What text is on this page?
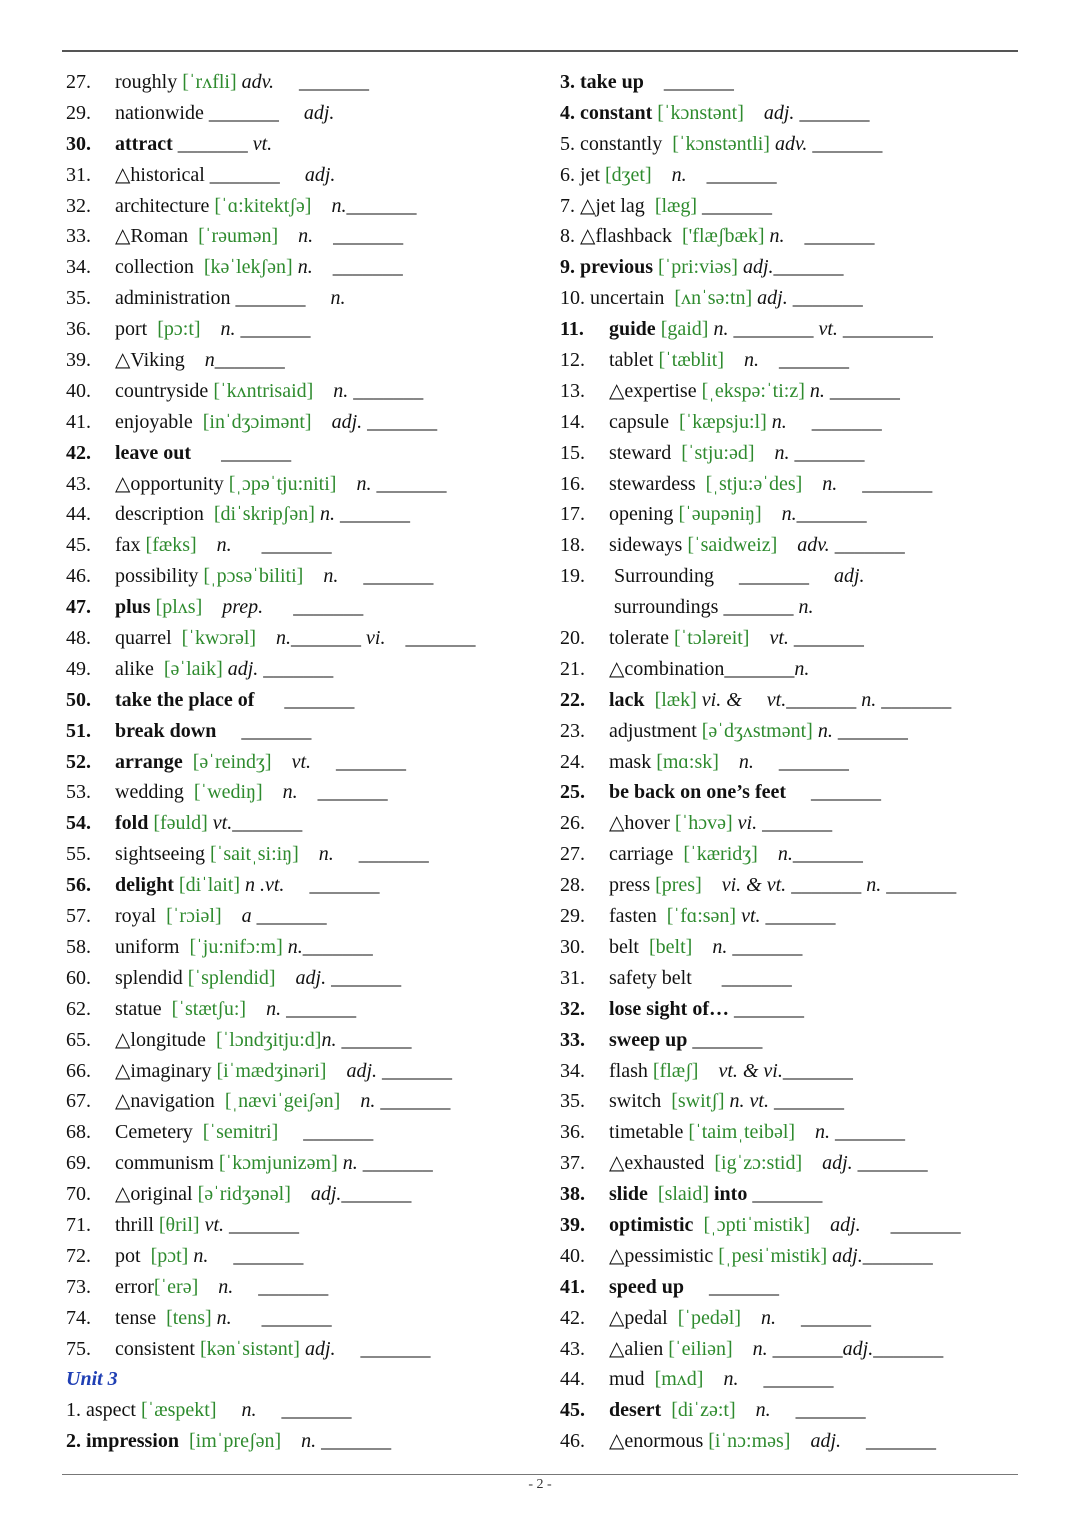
27. roughly [ˈrʌfli] adv.     _______
29. nationwide _______     adj.
30. attract _______ vt.
31. △historical _______     adj.
32. architecture [ˈɑ:kitektʃə] n._______
33. △Roman  [ˈrəumən] n.    _______
34. collection  [kəˈlekʃən] n.    _______
35. administration _______     n.
36. port  [pɔ:t] n. _______
39. △Viking    n_______
40. countryside [ˈkʌntrisaid] n. _______
41. enjoyable  [inˈdʒɔimənt] adj. _______
42. leave out      _______
43. △opportunity [ˌɔpəˈtju:niti] n. _______
44. description  [diˈskripʃən] n. _______
45. fax [fæks] n.      _______
46. possibility [ˌpɔsəˈbiliti] n.     _______
47. plus [plʌs] prep.      _______
48. quarrel  [ˈkwɔrəl] n._______ vi.    _______
49. alike  [əˈlaik] adj. _______
50. take the place of      _______
51. break down     _______
52. arrange [əˈreindʒ] vt.     _______
53. wedding  [ˈwediŋ] n.    _______
54. fold [fəuld] vt._______
55. sightseeing [ˈsaitˌsi:iŋ] n.     _______
56. delight [diˈlait] n .vt.     _______
57. royal  [ˈrɔiəl] a _______
58. uniform  [ˈju:nifɔ:m] n._______
60. splendid [ˈsplendid] adj. _______
62. statue  [ˈstætʃu:] n. _______
65. △longitude  [ˈlɔndʒitju:d]n. _______
66. △imaginary [iˈmædʒinəri] adj. _______
67. △navigation  [ˌnæviˈgeiʃən] n. _______
68. Cemetery  [ˈsemitri]     _______
69. communism [ˈkɔmjunizəm] n. _______
70. △original [əˈridʒənəl] adj._______
71. thrill [θril] vt. _______
72. pot  [pɔt] n.     _______
73. error[ˈerə] n.     _______
74. tense  [tens] n.      _______
75. consistent [kənˈsistənt] adj.     _______
Unit 3
1. aspect [ˈæspekt] n.     _______
2. impression [imˈpreʃən] n. _______
3. take up    _______
4. constant [ˈkɔnstənt] adj. _______
5. constantly  [ˈkɔnstəntli] adv. _______
6. jet [dʒet] n.    _______
7. △jet lag  [læg] _______
8. △flashback  ['flæʃbæk] n.    _______
9. previous [ˈpri:viəs] adj._______
10. uncertain  [ʌnˈsə:tn] adj. _______
11. guide [gaid] n. ________ vt. _________
12. tablet [ˈtæblit] n.    _______
13. △expertise [ˌekspə:ˈti:z] n. _______
14. capsule  [ˈkæpsju:l] n.     _______
15. steward  [ˈstju:əd] n. _______
16. stewardess  [ˌstju:əˈdes] n.     _______
17. opening [ˈəupəniŋ] n._______
18. sideways [ˈsaidweiz] adv. _______
19. Surrounding     _______     adj.
surroundings _______ n.
20. tolerate [ˈtɔləreit] vt. _______
21. △combination_______n.
22. lack [læk] vi. & vt._______ n. _______
23. adjustment [əˈdʒʌstmənt] n. _______
24. mask [mɑ:sk] n.     _______
25. be back on one’s feet     _______
26. △hover [ˈhɔvə] vi. _______
27. carriage  [ˈkæridʒ] n._______
28. press [pres] vi. & vt. _______ n. _______
29. fasten  [ˈfɑ:sən] vt. _______
30. belt  [belt] n. _______
31. safety belt      _______
32. lose sight of… _______
33. sweep up _______
34. flash [flæʃ] vt. & vi._______
35. switch  [switʃ] n. vt. _______
36. timetable [ˈtaimˌteibəl] n. _______
37. △exhausted  [igˈzɔ:stid] adj. _______
38. slide [slaid] into _______
39. optimistic [ˌɔptiˈmistik] adj.      _______
40. △pessimistic [ˌpesiˈmistik] adj._______
41. speed up     _______
42. △pedal  [ˈpedəl] n.     _______
43. △alien [ˈeiliən] n. _______adj._______
44. mud  [mʌd] n.     _______
45. desert [diˈzə:t] n.     _______
46. △enormous [iˈnɔ:məs] adj.     _______
- 2 -
